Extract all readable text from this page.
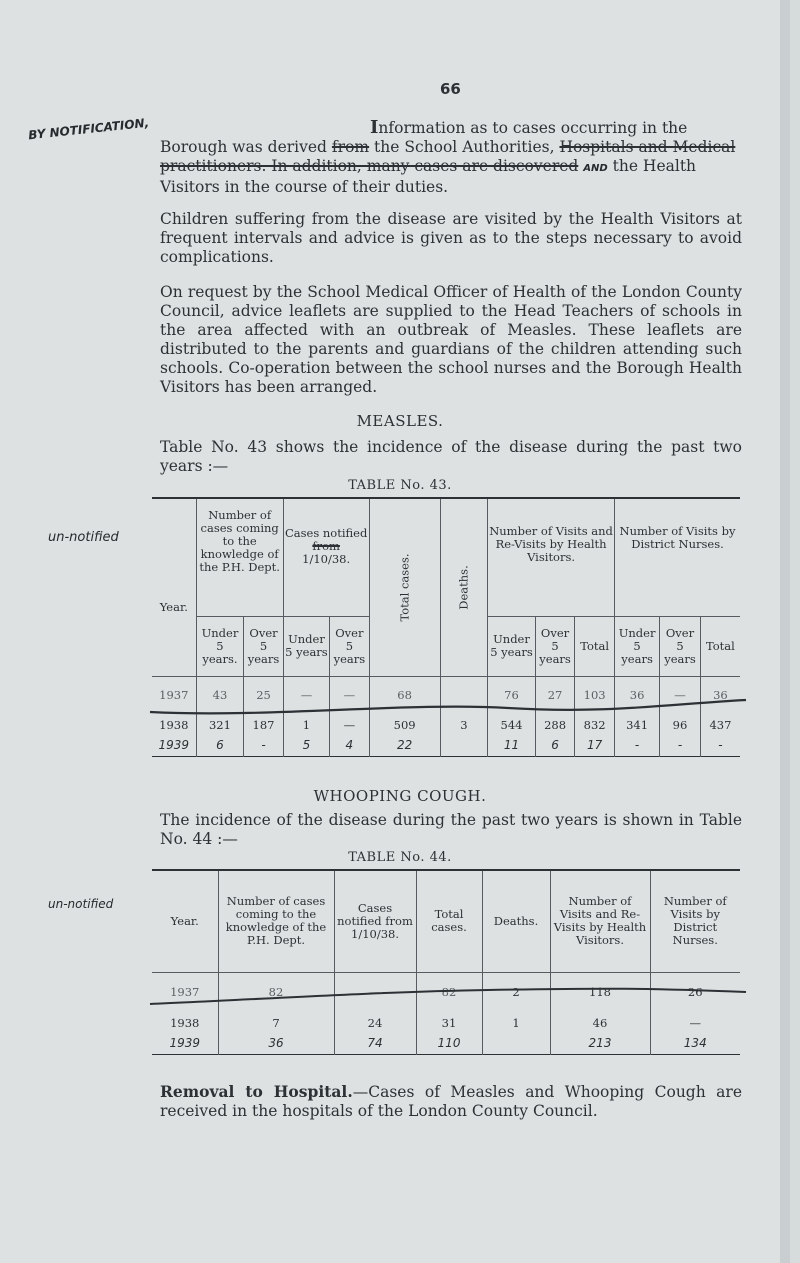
66
BY NOTIFICATION,	Information as to cases occurring in the
Borough was derived from the School Authorities, Hospitals and Medical
practitioners. In addition, many cases are discovered AND the Health
Visitors in the course of their duties.

Children suffering from the disease are visited by the Health Visitors at frequent intervals and advice is given as to the steps necessary to avoid complications.

On request by the School Medical Officer of Health of the London County Council, advice leaflets are supplied to the Head Teachers of schools in the area affected with an outbreak of Measles. These leaflets are distributed to the parents and guardians of the children attending such schools. Co-operation between the school nurses and the Borough Health Visitors has been arranged.

MEASLES.

Table No. 43 shows the incidence of the disease during the past two years :—

TABLE No. 43.
un-notified
Year.	Number of cases coming to the knowledge of the P.H. Dept.		Cases notified
from
1/10/38.		Total cases.	Deaths.	Number of Visits and Re-Visits by Health Visitors.			Number of Visits by District Nurses.		
	Under 5 years.	Over 5 years	Under 5 years	Over 5 years			Under 5 years	Over 5 years	Total	Under 5 years	Over 5 years	Total
1937	43	25	—	—	68		76	27	103	36	—	36
1938	321	187	1	—	509	3	544	288	832	341	96	437
1939	6	-	5	4	22		11	6	17	-	-	-
WHOOPING COUGH.

The incidence of the disease during the past two years is shown in Table No. 44 :—

TABLE No. 44.
un-notified
Year.	Number of cases coming to the knowledge of the P.H. Dept.	Cases notified from 1/10/38.	Total cases.	Deaths.	Number of Visits and Re-Visits by Health Visitors.	Number of Visits by District Nurses.
1937	82	—	82	2	118	26
1938	7	24	31	1	46	—
1939	36	74	110		213	134

Removal to Hospital.—Cases of Measles and Whooping Cough are received in the hospitals of the London County Council.
